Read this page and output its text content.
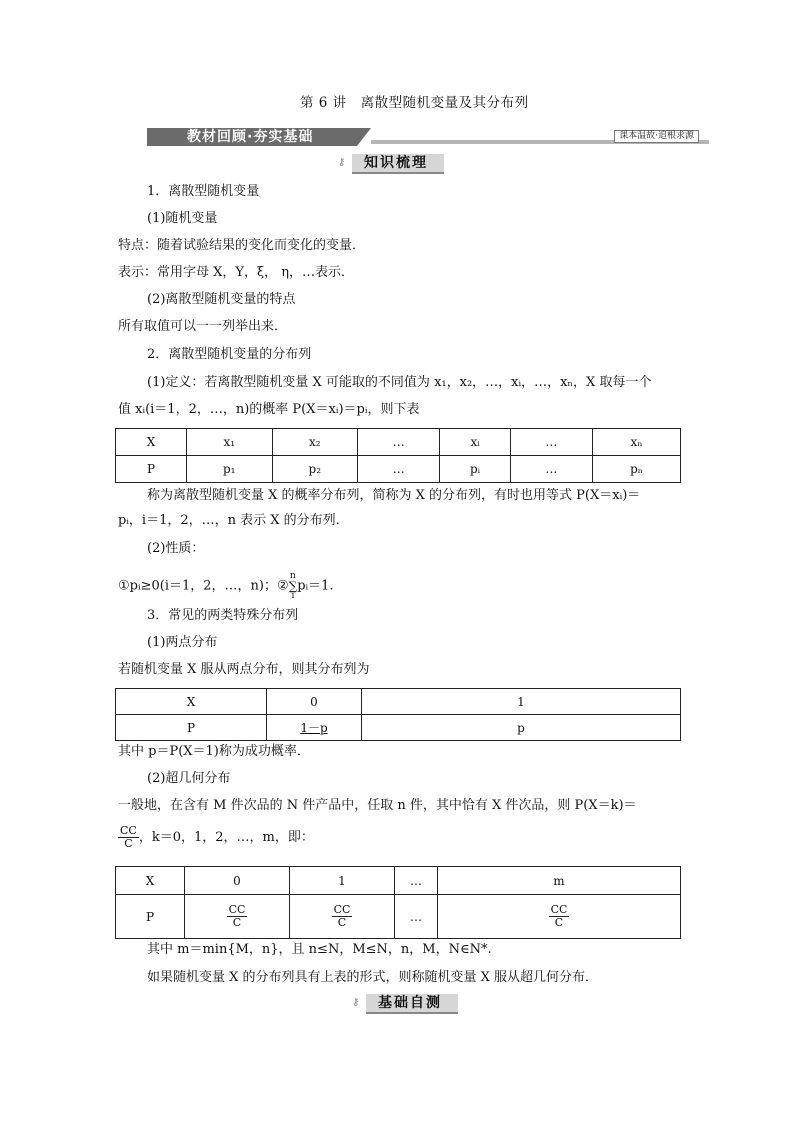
第 6 讲　离散型随机变量及其分布列
教材回顾·夯实基础	课本温故·追根求源
⚷ 知识梳理
1．离散型随机变量
(1)随机变量
特点：随着试验结果的变化而变化的变量．
表示：常用字母 X，Y，ξ， η，…表示．
(2)离散型随机变量的特点
所有取值可以一一列举出来．
2．离散型随机变量的分布列
(1)定义：若离散型随机变量 X 可能取的不同值为 x₁，x₂，…，xᵢ，…，xₙ，X 取每一个
值 xᵢ(i＝1，2，…，n)的概率 P(X＝xᵢ)＝pᵢ，则下表
X	x₁	x₂	…	xᵢ	…	xₙ
P	p₁	p₂	…	pᵢ	…	pₙ
称为离散型随机变量 X 的概率分布列，简称为 X 的分布列，有时也用等式 P(X＝xᵢ)＝
pᵢ，i＝1，2，…，n 表示 X 的分布列．
(2)性质：
①pᵢ≥0(i＝1，2，…，n)；②
n
∑
i
pᵢ＝1.
3．常见的两类特殊分布列
(1)两点分布
若随机变量 X 服从两点分布，则其分布列为
X	0	1
P	1－p	p
其中 p＝P(X＝1)称为成功概率．
(2)超几何分布
一般地，在含有 M 件次品的 N 件产品中，任取 n 件，其中恰有 X 件次品，则 P(X＝k)＝
$\frac{CC}{C}$ ，k＝0，1，2，…，m，即：
X	0	1	…	m
P	$\frac{CC}{C}$	$\frac{CC}{C}$	…	$\frac{CC}{C}$
其中 m＝min{M，n}，且 n≤N，M≤N，n，M，N∈N*.
如果随机变量 X 的分布列具有上表的形式，则称随机变量 X 服从超几何分布．
⚷ 基础自测
